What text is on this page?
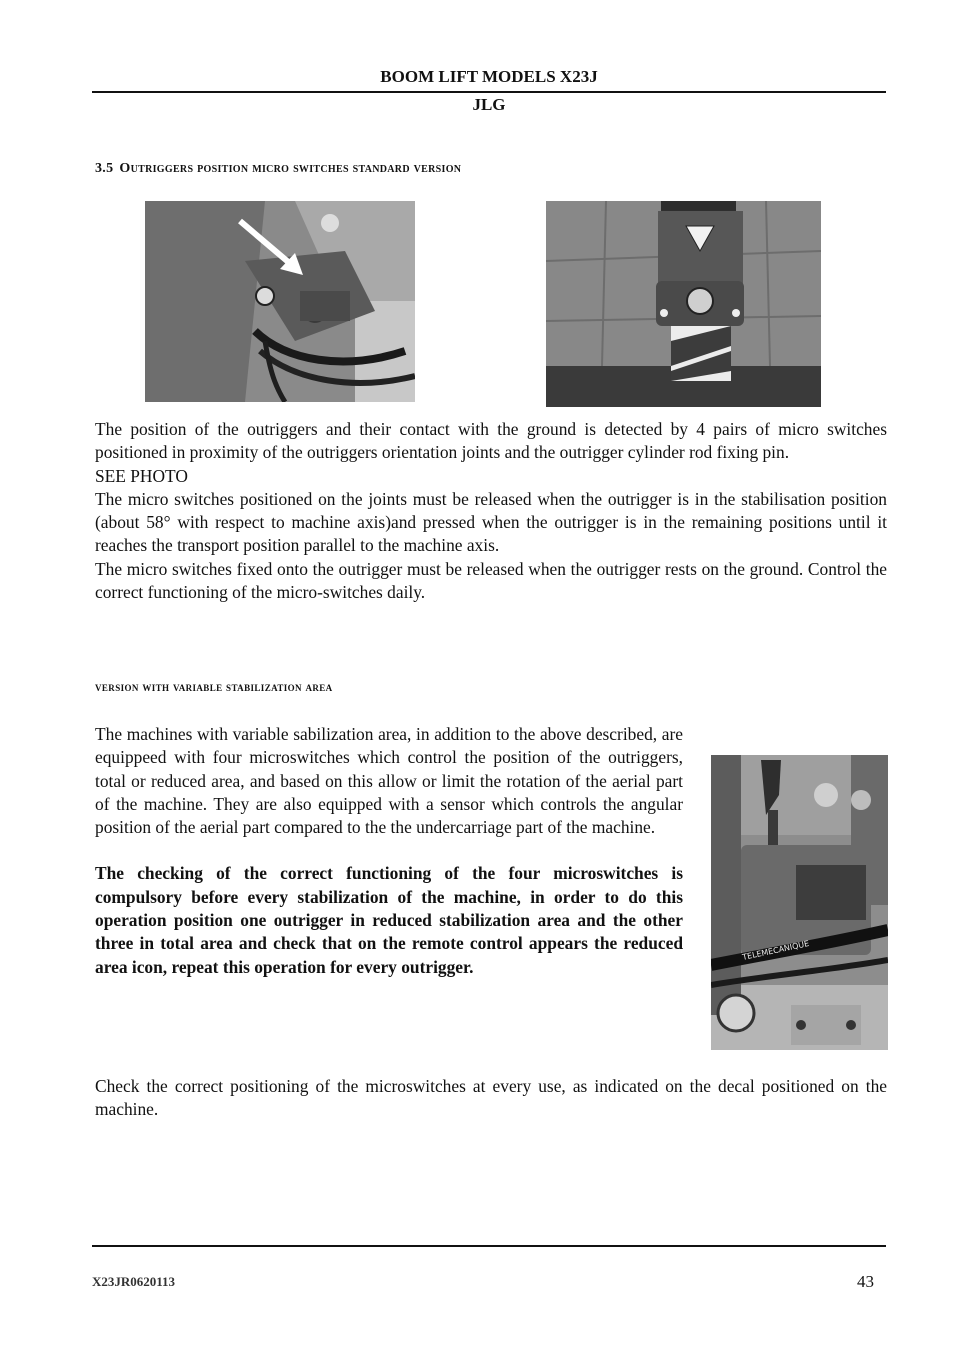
BOOM LIFT MODELS X23J
JLG
3.5 Outriggers position micro switches standard version

The position of the outriggers and their contact with the ground is detected by 4 pairs of micro switches positioned in proximity of the outriggers orientation joints and the outrigger cylinder rod fixing pin.

SEE PHOTO

The micro switches positioned on the joints must be released when the outrigger is in the stabilisation position (about 58° with respect to machine axis)and pressed when the outrigger is in the remaining positions until it reaches the transport position parallel to the machine axis.

The micro switches fixed onto the outrigger must be released when the outrigger rests on the ground. Control the correct functioning of the micro-switches daily.

version with variable stabilization area

The machines with variable sabilization area, in addition to the above described, are equippeed with four microswitches which control the position of the outriggers, total or reduced area, and based on this allow or limit the rotation of the aerial part of the machine. They are also equipped with a sensor which controls the angular position of the aerial part compared to the the undercarriage part of the machine.

The checking of the correct functioning of the four microswitches is compulsory before every stabilization of the machine, in order to do this operation position one outrigger in reduced stabilization area and the other three in total area and check that on the remote control appears the reduced area icon, repeat this operation for every outrigger.

TELEMECANIQUE

Check the correct positioning of the microswitches at every use, as indicated on the decal positioned on the machine.

X23JR0620113	43
